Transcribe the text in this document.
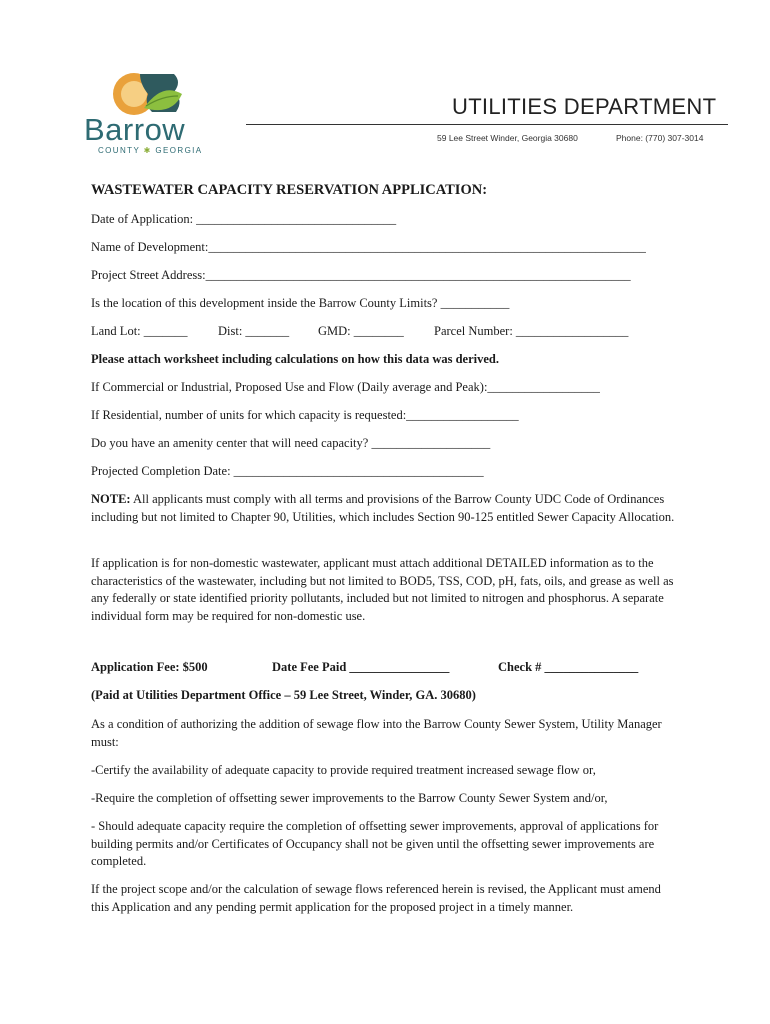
Barrow
COUNTY ✱ GEORGIA
UTILITIES DEPARTMENT
59 Lee Street Winder, Georgia 30680	Phone: (770) 307-3014
WASTEWATER CAPACITY RESERVATION APPLICATION:
Date of Application: ________________________________
Name of Development:______________________________________________________________________
Project Street Address:____________________________________________________________________
Is the location of this development inside the Barrow County Limits? ___________
Land Lot: _______ Dist: _______ GMD: ________ Parcel Number: __________________
Please attach worksheet including calculations on how this data was derived.
If Commercial or Industrial, Proposed Use and Flow (Daily average and Peak):__________________
If Residential, number of units for which capacity is requested:__________________
Do you have an amenity center that will need capacity? ___________________
Projected Completion Date: ________________________________________
NOTE: All applicants must comply with all terms and provisions of the Barrow County UDC Code of Ordinances including but not limited to Chapter 90, Utilities, which includes Section 90-125 entitled Sewer Capacity Allocation.
If application is for non-domestic wastewater, applicant must attach additional DETAILED information as to the characteristics of the wastewater, including but not limited to BOD5, TSS, COD, pH, fats, oils, and grease as well as any federally or state identified priority pollutants, included but not limited to nitrogen and phosphorus. A separate individual form may be required for non-domestic use.
Application Fee: $500	Date Fee Paid ________________	Check # _______________
(Paid at Utilities Department Office – 59 Lee Street, Winder, GA. 30680)
As a condition of authorizing the addition of sewage flow into the Barrow County Sewer System, Utility Manager must:
-Certify the availability of adequate capacity to provide required treatment increased sewage flow or,
-Require the completion of offsetting sewer improvements to the Barrow County Sewer System and/or,
- Should adequate capacity require the completion of offsetting sewer improvements, approval of applications for building permits and/or Certificates of Occupancy shall not be given until the offsetting sewer improvements are completed.
If the project scope and/or the calculation of sewage flows referenced herein is revised, the Applicant must amend this Application and any pending permit application for the proposed project in a timely manner.
